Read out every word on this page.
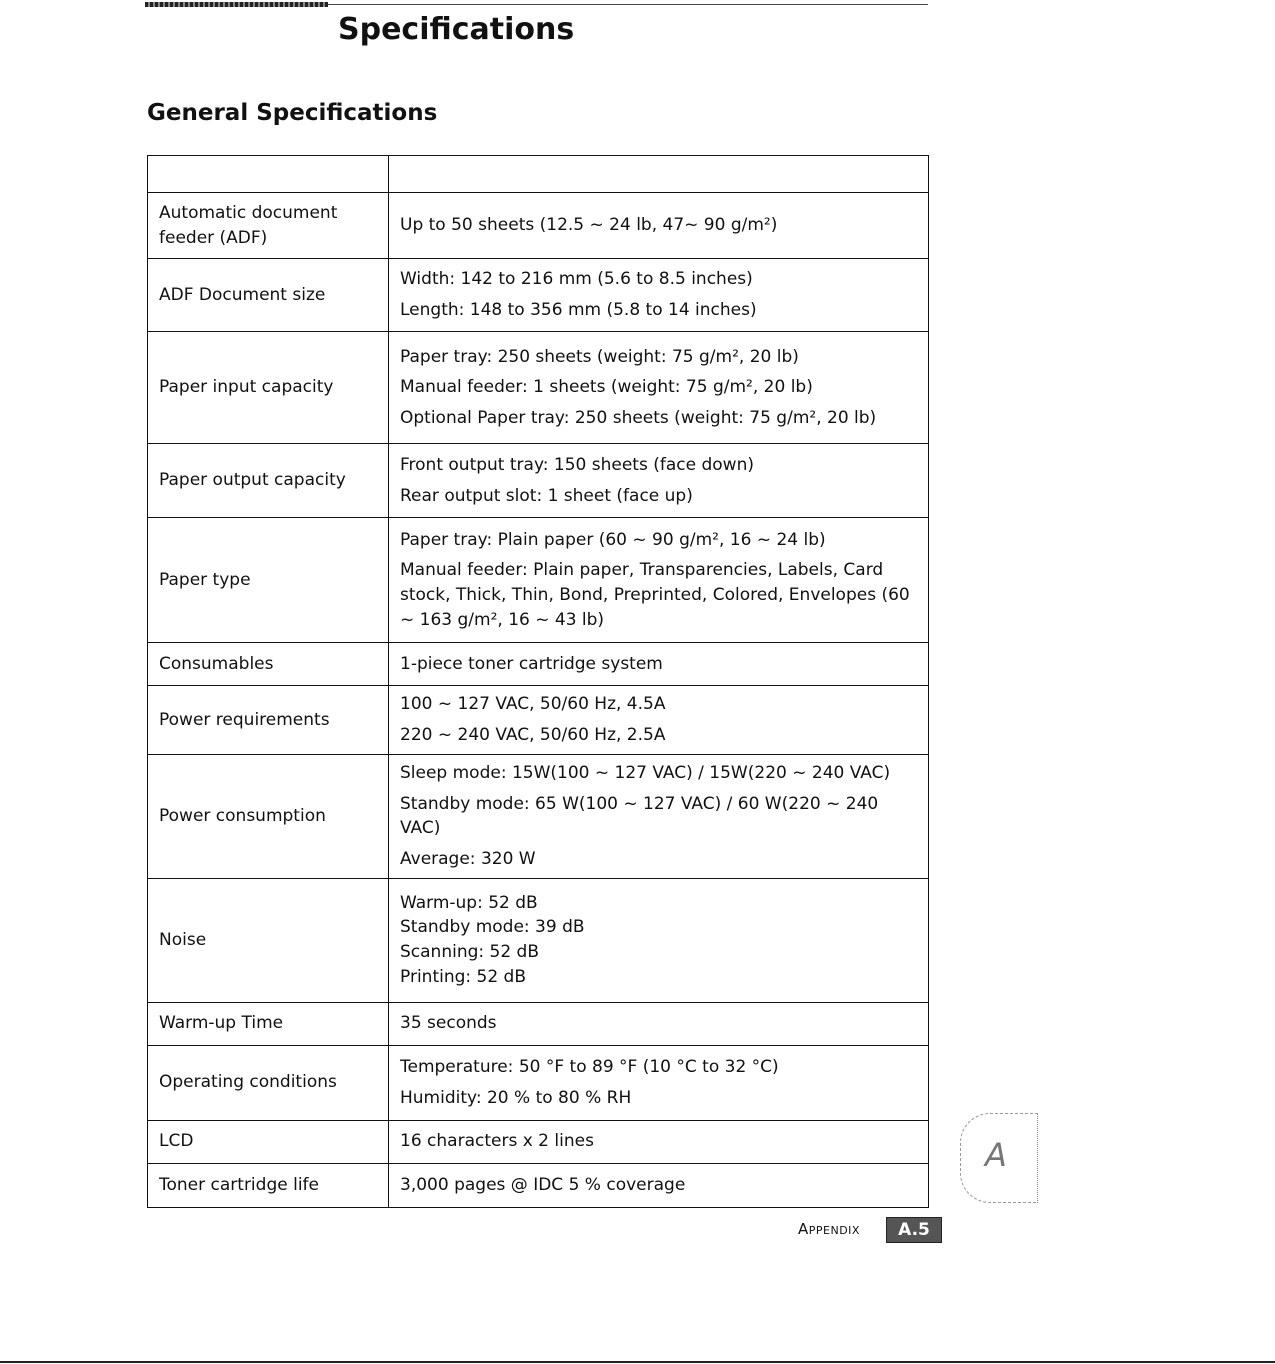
Specifications
General Specifications

Automatic document feeder (ADF)	Up to 50 sheets (12.5 ~ 24 lb, 47~ 90 g/m²)

ADF Document size	Width: 142 to 216 mm (5.6 to 8.5 inches)
Length: 148 to 356 mm (5.8 to 14 inches)

Paper input capacity	Paper tray: 250 sheets (weight: 75 g/m², 20 lb)
Manual feeder: 1 sheets (weight: 75 g/m², 20 lb)
Optional Paper tray: 250 sheets (weight: 75 g/m², 20 lb)

Paper output capacity	Front output tray: 150 sheets (face down)
Rear output slot: 1 sheet (face up)

Paper type	Paper tray: Plain paper (60 ~ 90 g/m², 16 ~ 24 lb)
Manual feeder: Plain paper, Transparencies, Labels, Card stock, Thick, Thin, Bond, Preprinted, Colored, Envelopes (60 ~ 163 g/m², 16 ~ 43 lb)

Consumables	1-piece toner cartridge system

Power requirements	100 ~ 127 VAC, 50/60 Hz, 4.5A
220 ~ 240 VAC, 50/60 Hz, 2.5A

Power consumption	Sleep mode: 15W(100 ~ 127 VAC) / 15W(220 ~ 240 VAC)
Standby mode: 65 W(100 ~ 127 VAC) / 60 W(220 ~ 240 VAC)
Average: 320 W

Noise	Warm-up: 52 dB
Standby mode: 39 dB
Scanning: 52 dB
Printing: 52 dB

Warm-up Time	35 seconds

Operating conditions	Temperature: 50 °F to 89 °F (10 °C to 32 °C)
Humidity: 20 % to 80 % RH

LCD	16 characters x 2 lines

Toner cartridge life	3,000 pages @ IDC 5 % coverage
A
Appendix	A.5
